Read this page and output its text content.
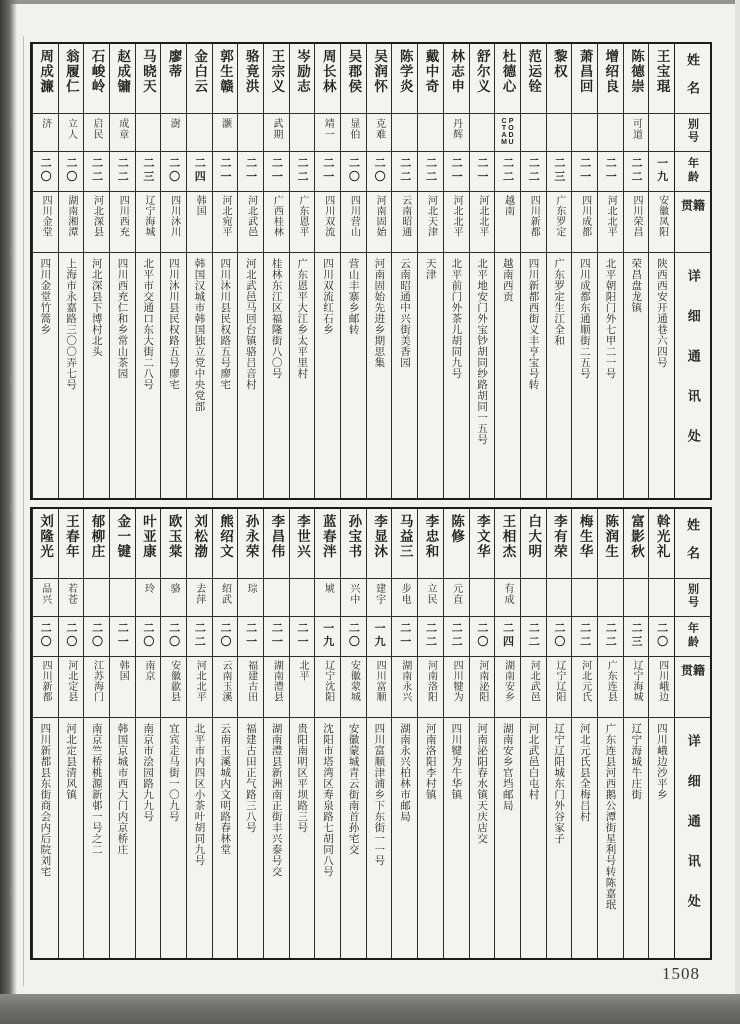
姓名
别号
年龄
籍贯
详细通讯处
王宝琨
一九
安徽凤阳
陕西西安开通巷六四号
陈德崇
可道
二二
四川荣昌
荣昌盘龙镇
增绍良
二一
河北北平
北平朝阳门外七甲二一号
萧昌回
二一
四川成都
四川成都东通顺街二五号
黎权
二三
广东罗定
广东罗定生江全和
范运铨
二二
四川新都
四川新都西街义丰亨宝号转
杜德心
PODU CTAM
二二
越南
越南西贡
舒尔义
二一
河北北平
北平地安门外宝钞胡同纱路胡同一五号
林志申
丹辉
二一
河北北平
北平前门外茶儿胡同九号
戴中奇
二二
河北天津
天津
陈学炎
二二
云南昭通
云南昭通中兴街美香园
吴润怀
克难
二〇
河南固始
河南固始先进乡期思集
吴郡侯
显伯
二〇
四川营山
营山丰寨乡邮转
周长林
靖一
二一
四川双流
四川双流红石乡
岑励志
二二
广东恩平
广东恩平大江乡太平里村
王宗义
武期
二一
广西桂林
桂林东江区福隆街八〇号
骆竟洪
二一
河北武邑
河北武邑马回台镇骆吕音村
郭生赣
灏
二一
河北宛平
四川沐川县民权路五号廖宅
金白云
二四
韩国
韩国汉城市韩国独立党中央党部
廖蒂
澍
二〇
四川沐川
四川沐川县民权路五号廖宅
马晓天
二三
辽宁海城
北平市交通口东大街二八号
赵成镛
成章
二二
四川西充
四川西充仁和乡常山茶园
石峻岭
启民
二二
河北深县
河北深县下博村北头
翁履仁
立人
二〇
湖南湘潭
上海市永嘉路三〇〇弄七号
周成濂
济
二〇
四川金堂
四川金堂竹篙乡
姓名
别号
年龄
籍贯
详细通讯处
斡光礼
二〇
四川峨边
四川峨边沙平乡
富影秋
二三
辽宁海城
辽宁海城牛庄街
陈润生
二二
广东连县
广东连县河西鹅公潭街星利号转陈嘉珉
梅生华
二二
河北元氏
河北元氏县全梅吕村
李有荣
二〇
辽宁辽阳
辽宁辽阳城东门外谷家子
白大明
二二
河北武邑
河北武邑白屯村
王相杰
有成
二四
湖南安乡
湖南安乡官垱邮局
李文华
二〇
河南泌阳
河南泌阳春水镇天庆店交
陈修
元直
二二
四川犍为
四川犍为牛华镇
李忠和
立民
二二
河南洛阳
河南洛阳李村镇
马益三
步电
二一
湖南永兴
湖南永兴柏林市邮局
李显沐
建宇
一九
四川富顺
四川富顺津浦乡下东街一一号
孙宝书
兴中
二〇
安徽蒙城
安徽蒙城青云街南首孙宅交
蓝春泮
虓
一九
辽宁沈阳
沈阳市塔湾区寿泉路七胡同八号
李世兴
二一
北平
贵阳南明区平坝路三号
李昌伟
二一
湖南澧县
湖南澧县新洲南正街丰兴泰号交
孙永荣
琮
二一
福建古田
福建古田正气路三八号
熊绍文
绍武
二〇
云南玉溪
云南玉溪城内文明路春林堂
刘松渤
去萍
二二
河北北平
北平市内四区小茶叶胡同九号
欧玉棠
骆
二〇
安徽歙县
宜宾走马街一〇九号
叶亚康
玲
二〇
南京
南京市浍园路九九号
金一键
二一
韩国
韩国京城市西大门内京桥庄
郁柳庄
二〇
江苏海门
南京竺桥桃源新邨一号之二
王春年
若苍
二〇
河北定县
河北定县清风镇
刘隆光
品兴
二〇
四川新都
四川新都县东街商会内后院刘宅
1508
